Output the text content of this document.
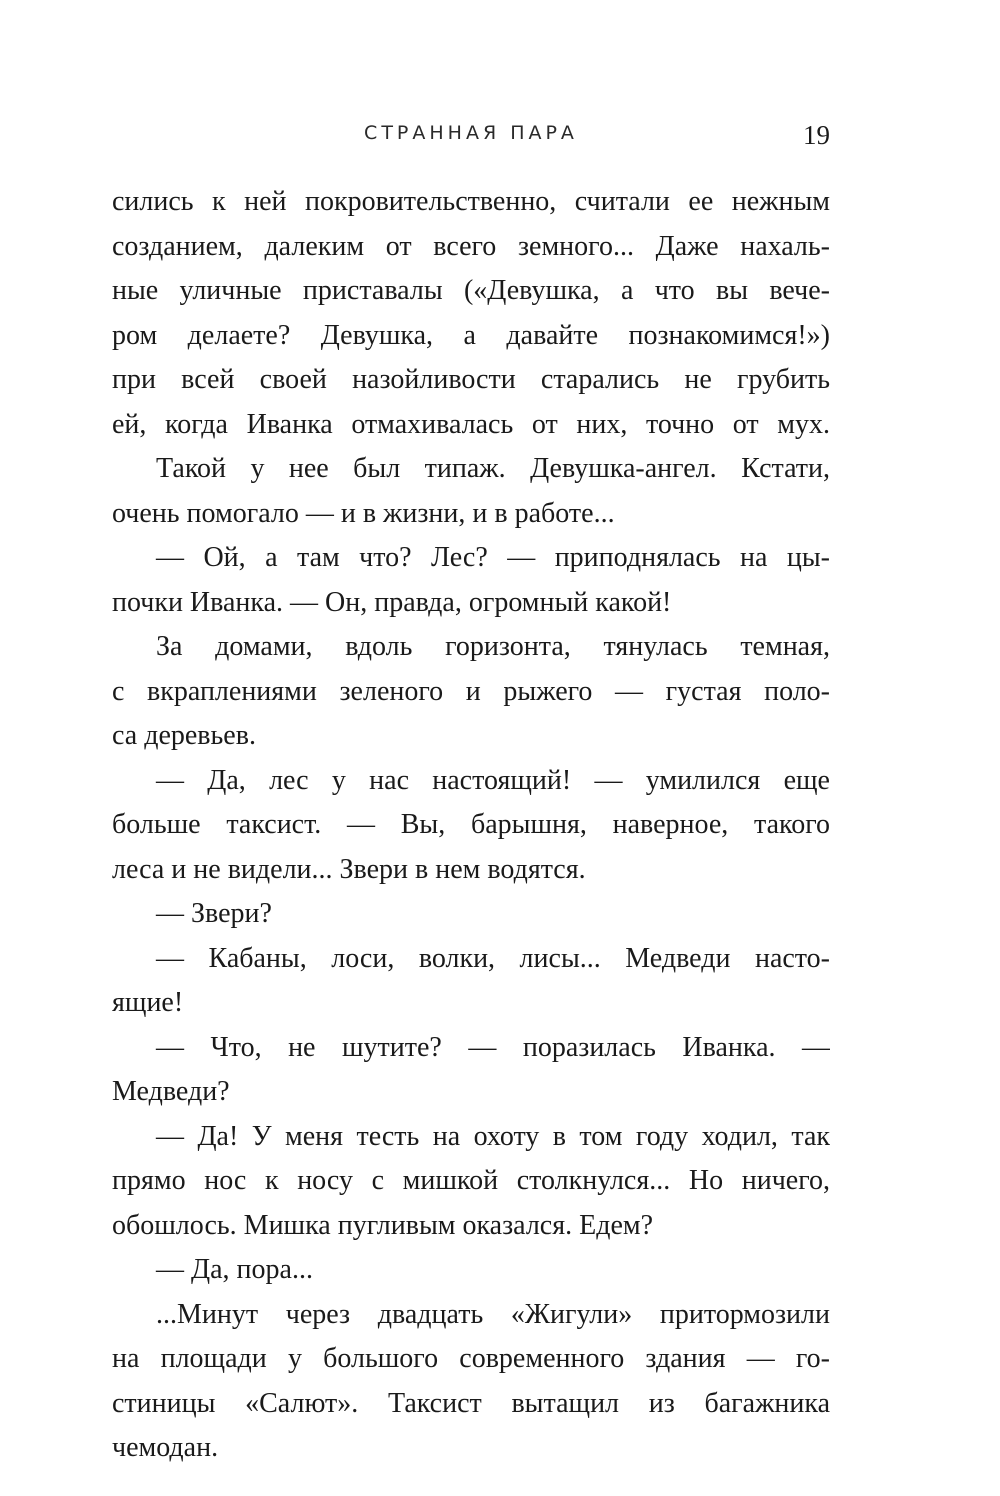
СТРАННАЯ ПАРА	19
сились к ней покровительственно, считали ее нежным
созданием, далеким от всего земного... Даже нахаль-
ные уличные приставалы («Девушка, а что вы вече-
ром делаете? Девушка, а давайте познакомимся!»)
при всей своей назойливости старались не грубить
ей, когда Иванка отмахивалась от них, точно от мух.
Такой у нее был типаж. Девушка-ангел. Кстати,
очень помогало — и в жизни, и в работе...
— Ой, а там что? Лес? — приподнялась на цы-
почки Иванка. — Он, правда, огромный какой!
За домами, вдоль горизонта, тянулась темная,
с вкраплениями зеленого и рыжего — густая поло-
са деревьев.
— Да, лес у нас настоящий! — умилился еще
больше таксист. — Вы, барышня, наверное, такого
леса и не видели... Звери в нем водятся.
— Звери?
— Кабаны, лоси, волки, лисы... Медведи насто-
ящие!
— Что, не шутите? — поразилась Иванка. —
Медведи?
— Да! У меня тесть на охоту в том году ходил, так
прямо нос к носу с мишкой столкнулся... Но ничего,
обошлось. Мишка пугливым оказался. Едем?
— Да, пора...
...Минут через двадцать «Жигули» притормозили
на площади у большого современного здания — го-
стиницы «Салют». Таксист вытащил из багажника
чемодан.
